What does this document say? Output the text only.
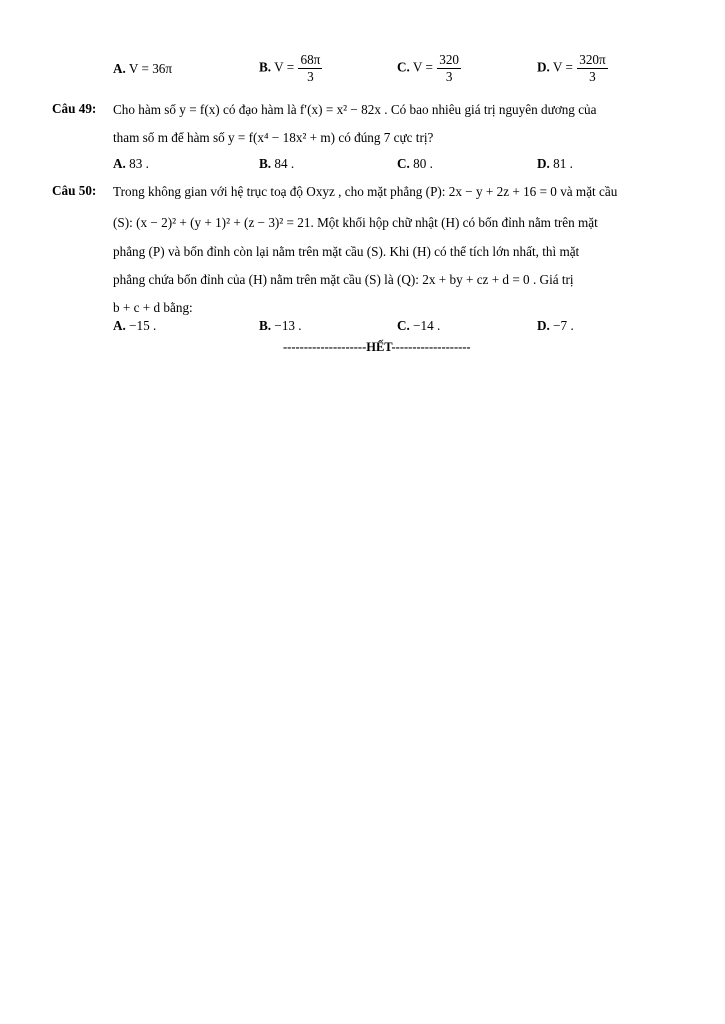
A. V = 36π	B. $V = \frac{68\pi}{3}$	C. $V = \frac{320}{3}$	D. $V = \frac{320\pi}{3}$
Câu 49: Cho hàm số y = f(x) có đạo hàm là f′(x) = x² − 82x . Có bao nhiêu giá trị nguyên dương của
tham số m để hàm số y = f(x⁴ − 18x² + m) có đúng 7 cực trị?
A. 83 .	B. 84 .	C. 80 .	D. 81 .
Câu 50: Trong không gian với hệ trục toạ độ Oxyz , cho mặt phẳng (P): 2x − y + 2z + 16 = 0 và mặt cầu
(S): (x − 2)² + (y + 1)² + (z − 3)² = 21. Một khối hộp chữ nhật (H) có bốn đỉnh nằm trên mặt
phẳng (P) và bốn đỉnh còn lại nằm trên mặt cầu (S). Khi (H) có thể tích lớn nhất, thì mặt
phẳng chứa bốn đỉnh của (H) nằm trên mặt cầu (S) là (Q): 2x + by + cz + d = 0 . Giá trị
b + c + d bằng:
A. −15 .	B. −13 .	C. −14 .	D. −7 .
--------------------HẾT-------------------
